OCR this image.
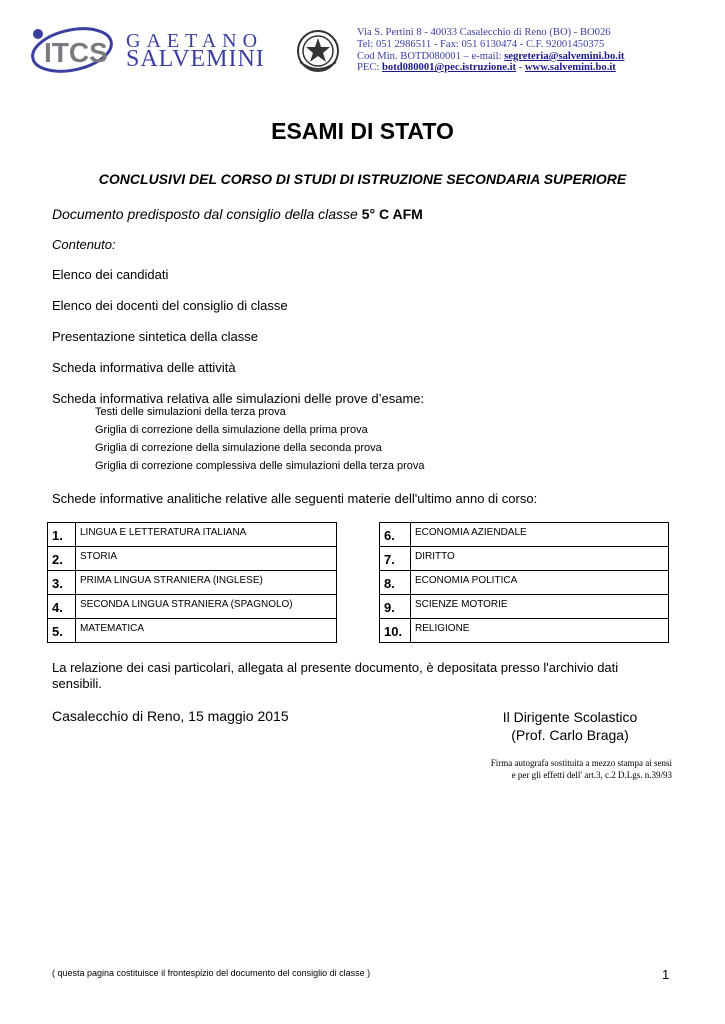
ITCS GAETANO
SALVEMINI
Via S. Pertini 8 - 40033 Casalecchio di Reno (BO) - BO026
Tel: 051 2986511 - Fax: 051 6130474 - C.F. 92001450375
Cod Min. BOTD080001 – e-mail: segreteria@salvemini.bo.it
PEC: botd080001@pec.istruzione.it - www.salvemini.bo.it
ESAMI DI STATO
CONCLUSIVI DEL CORSO DI STUDI DI ISTRUZIONE SECONDARIA SUPERIORE
Documento predisposto dal consiglio della classe 5° C AFM
Contenuto:
Elenco dei candidati
Elenco dei docenti del consiglio di classe
Presentazione sintetica della classe
Scheda informativa delle attività
Scheda informativa relativa alle simulazioni delle prove d’esame:
Testi delle simulazioni della terza prova
Griglia di correzione della simulazione della prima prova
Griglia di correzione della simulazione della seconda prova
Griglia di correzione complessiva delle simulazioni della terza prova
Schede informative analitiche relative alle seguenti materie dell'ultimo anno di corso:
1.	LINGUA E LETTERATURA ITALIANA
2.	STORIA
3.	PRIMA LINGUA STRANIERA (INGLESE)
4.	SECONDA LINGUA STRANIERA (SPAGNOLO)
5.	MATEMATICA
6.	ECONOMIA AZIENDALE
7.	DIRITTO
8.	ECONOMIA POLITICA
9.	SCIENZE MOTORIE
10.	RELIGIONE
La relazione dei casi particolari, allegata al presente documento, è depositata presso l'archivio dati sensibili.
Casalecchio di Reno, 15 maggio 2015	Il Dirigente Scolastico
(Prof. Carlo Braga)
Firma autografa sostituita a mezzo stampa ai sensi
e per gli effetti dell' art.3, c.2 D.Lgs. n.39/93
( questa pagina costituisce il frontespizio del documento del consiglio di classe )	1
